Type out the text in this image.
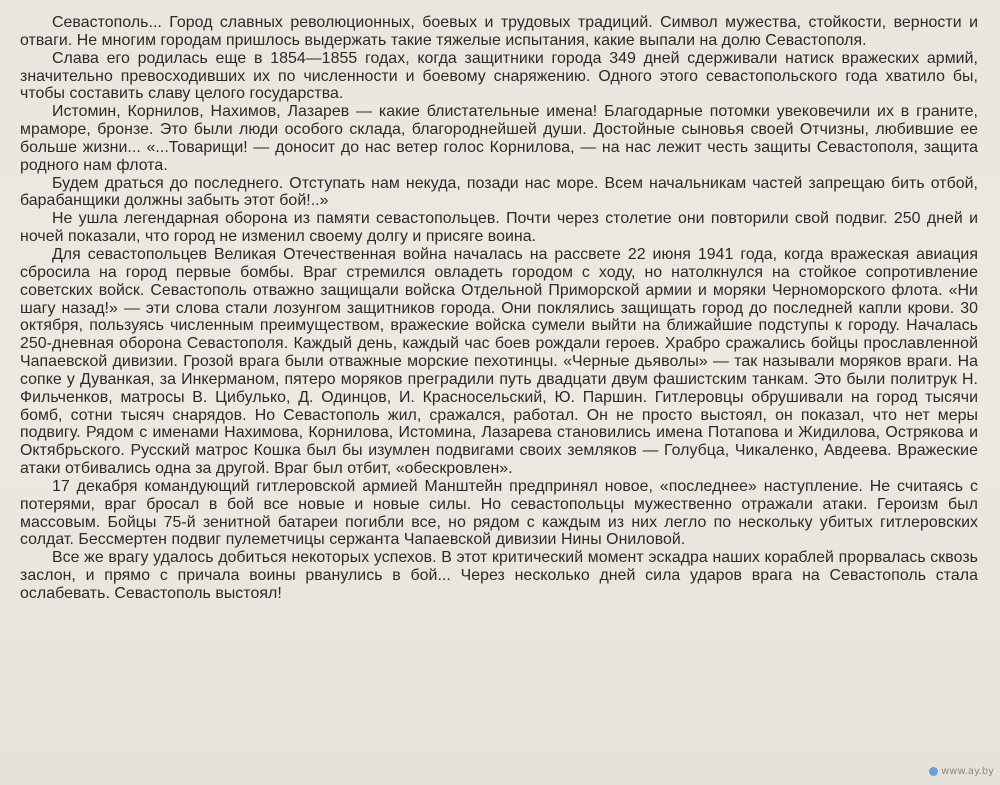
Севастополь... Город славных революционных, боевых и трудовых традиций. Символ мужества, стойкости, верности и отваги. Не многим городам пришлось выдержать такие тяжелые испытания, какие выпали на долю Севастополя.

Слава его родилась еще в 1854—1855 годах, когда защитники города 349 дней сдерживали натиск вражеских армий, значительно превосходивших их по численности и боевому снаряжению. Одного этого севастопольского года хватило бы, чтобы составить славу целого государства.

Истомин, Корнилов, Нахимов, Лазарев — какие блистательные имена! Благодарные потомки увековечили их в граните, мраморе, бронзе. Это были люди особого склада, благороднейшей души. Достойные сыновья своей Отчизны, любившие ее больше жизни... «...Товарищи! — доносит до нас ветер голос Корнилова, — на нас лежит честь защиты Севастополя, защита родного нам флота.

Будем драться до последнего. Отступать нам некуда, позади нас море. Всем начальникам частей запрещаю бить отбой, барабанщики должны забыть этот бой!..»

Не ушла легендарная оборона из памяти севастопольцев. Почти через столетие они повторили свой подвиг. 250 дней и ночей показали, что город не изменил своему долгу и присяге воина.

Для севастопольцев Великая Отечественная война началась на рассвете 22 июня 1941 года, когда вражеская авиация сбросила на город первые бомбы. Враг стремился овладеть городом с ходу, но натолкнулся на стойкое сопротивление советских войск. Севастополь отважно защищали войска Отдельной Приморской армии и моряки Черноморского флота. «Ни шагу назад!» — эти слова стали лозунгом защитников города. Они поклялись защищать город до последней капли крови. 30 октября, пользуясь численным преимуществом, вражеские войска сумели выйти на ближайшие подступы к городу. Началась 250-дневная оборона Севастополя. Каждый день, каждый час боев рождали героев. Храбро сражались бойцы прославленной Чапаевской дивизии. Грозой врага были отважные морские пехотинцы. «Черные дьяволы» — так называли моряков враги. На сопке у Дуванкая, за Инкерманом, пятеро моряков преградили путь двадцати двум фашистским танкам. Это были политрук Н. Фильченков, матросы В. Цибулько, Д. Одинцов, И. Красносельский, Ю. Паршин. Гитлеровцы обрушивали на город тысячи бомб, сотни тысяч снарядов. Но Севастополь жил, сражался, работал. Он не просто выстоял, он показал, что нет меры подвигу. Рядом с именами Нахимова, Корнилова, Истомина, Лазарева становились имена Потапова и Жидилова, Острякова и Октябрьского. Русский матрос Кошка был бы изумлен подвигами своих земляков — Голубца, Чикаленко, Авдеева. Вражеские атаки отбивались одна за другой. Враг был отбит, «обескровлен».

17 декабря командующий гитлеровской армией Манштейн предпринял новое, «последнее» наступление. Не считаясь с потерями, враг бросал в бой все новые и новые силы. Но севастопольцы мужественно отражали атаки. Героизм был массовым. Бойцы 75-й зенитной батареи погибли все, но рядом с каждым из них легло по нескольку убитых гитлеровских солдат. Бессмертен подвиг пулеметчицы сержанта Чапаевской дивизии Нины Ониловой.

Все же врагу удалось добиться некоторых успехов. В этот критический момент эскадра наших кораблей прорвалась сквозь заслон, и прямо с причала воины рванулись в бой... Через несколько дней сила ударов врага на Севастополь стала ослабевать. Севастополь выстоял!

www.ay.by
